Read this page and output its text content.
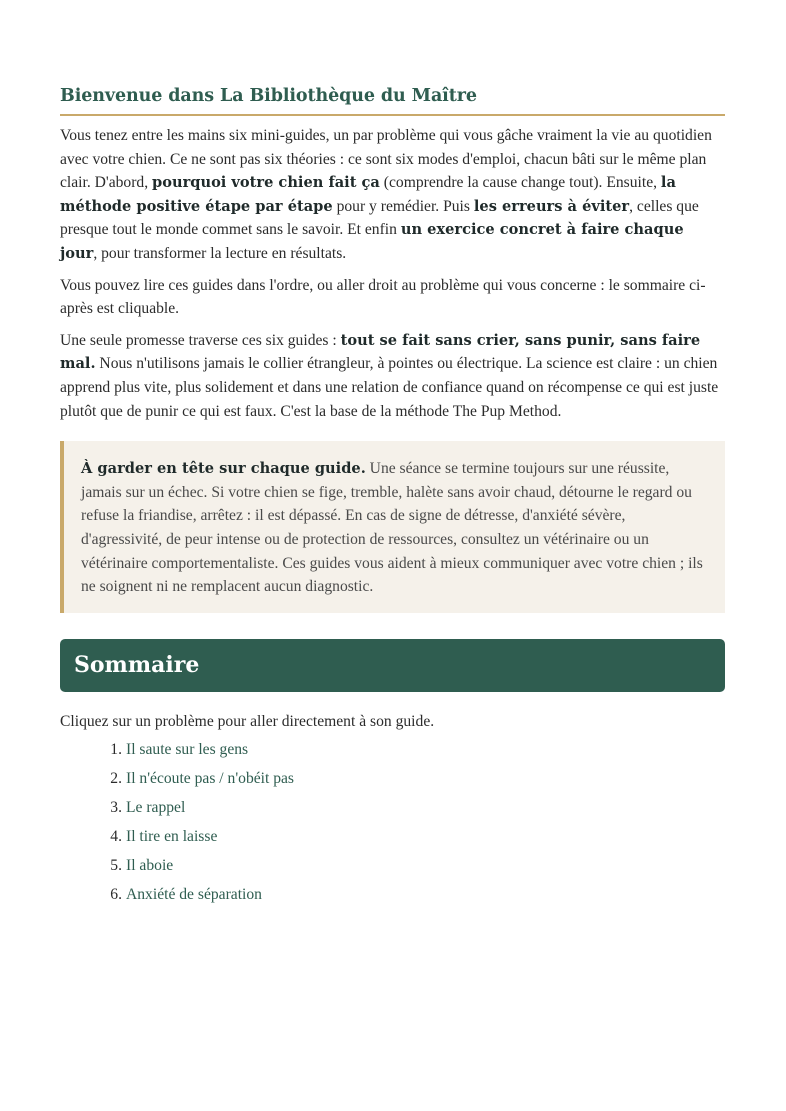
Bienvenue dans La Bibliothèque du Maître

Vous tenez entre les mains six mini-guides, un par problème qui vous gâche vraiment la vie au quotidien avec votre chien. Ce ne sont pas six théories : ce sont six modes d'emploi, chacun bâti sur le même plan clair. D'abord, pourquoi votre chien fait ça (comprendre la cause change tout). Ensuite, la méthode positive étape par étape pour y remédier. Puis les erreurs à éviter, celles que presque tout le monde commet sans le savoir. Et enfin un exercice concret à faire chaque jour, pour transformer la lecture en résultats.

Vous pouvez lire ces guides dans l'ordre, ou aller droit au problème qui vous concerne : le sommaire ci-après est cliquable.

Une seule promesse traverse ces six guides : tout se fait sans crier, sans punir, sans faire mal. Nous n'utilisons jamais le collier étrangleur, à pointes ou électrique. La science est claire : un chien apprend plus vite, plus solidement et dans une relation de confiance quand on récompense ce qui est juste plutôt que de punir ce qui est faux. C'est la base de la méthode The Pup Method.

À garder en tête sur chaque guide. Une séance se termine toujours sur une réussite, jamais sur un échec. Si votre chien se fige, tremble, halète sans avoir chaud, détourne le regard ou refuse la friandise, arrêtez : il est dépassé. En cas de signe de détresse, d'anxiété sévère, d'agressivité, de peur intense ou de protection de ressources, consultez un vétérinaire ou un vétérinaire comportementaliste. Ces guides vous aident à mieux communiquer avec votre chien ; ils ne soignent ni ne remplacent aucun diagnostic.

Sommaire

Cliquez sur un problème pour aller directement à son guide.

1. Il saute sur les gens
2. Il n'écoute pas / n'obéit pas
3. Le rappel
4. Il tire en laisse
5. Il aboie
6. Anxiété de séparation
